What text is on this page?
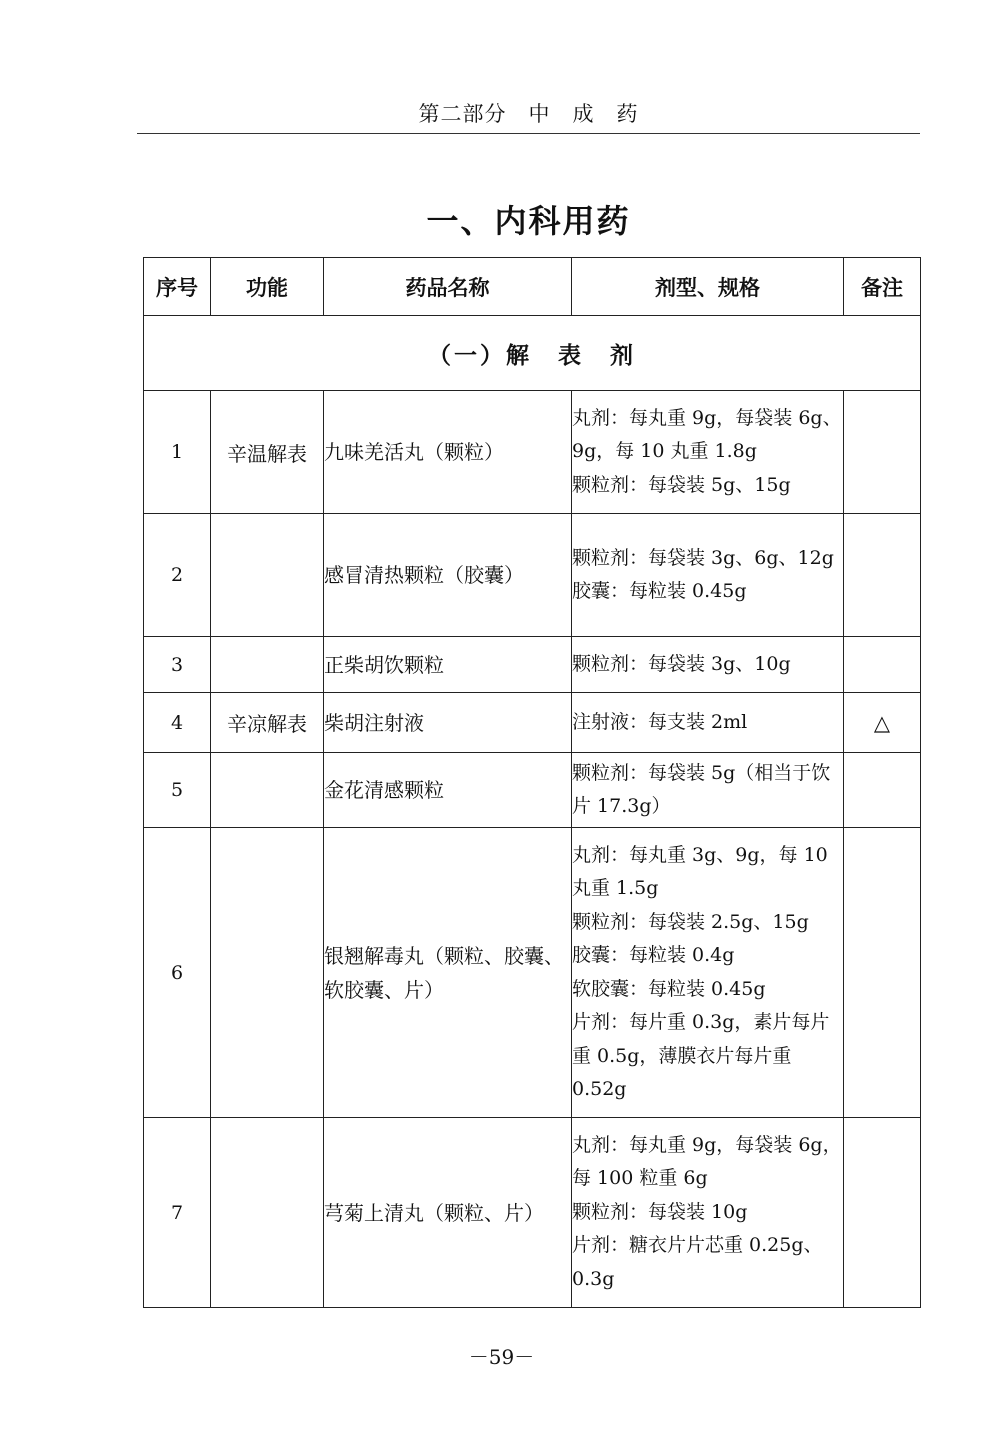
第二部分　中　成　药
一、内科用药
序号	功能	药品名称	剂型、规格	备注
（一）解　表　剂				
1	辛温解表	九味羌活丸（颗粒）	丸剂：每丸重 9g，每袋装 6g、9g，每 10 丸重 1.8g
颗粒剂：每袋装 5g、15g	

2		感冒清热颗粒（胶囊）	颗粒剂：每袋装 3g、6g、12g
胶囊：每粒装 0.45g	

3		正柴胡饮颗粒	颗粒剂：每袋装 3g、10g	

4	辛凉解表	柴胡注射液	注射液：每支装 2ml	△
5		金花清感颗粒	颗粒剂：每袋装 5g（相当于饮片 17.3g）	

6		银翘解毒丸（颗粒、胶囊、软胶囊、片）	丸剂：每丸重 3g、9g，每 10 丸重 1.5g
颗粒剂：每袋装 2.5g、15g
胶囊：每粒装 0.4g
软胶囊：每粒装 0.45g
片剂：每片重 0.3g，素片每片重 0.5g，薄膜衣片每片重 0.52g	

7		芎菊上清丸（颗粒、片）	丸剂：每丸重 9g，每袋装 6g，每 100 粒重 6g
颗粒剂：每袋装 10g
片剂：糖衣片片芯重 0.25g、0.3g	

－59－
